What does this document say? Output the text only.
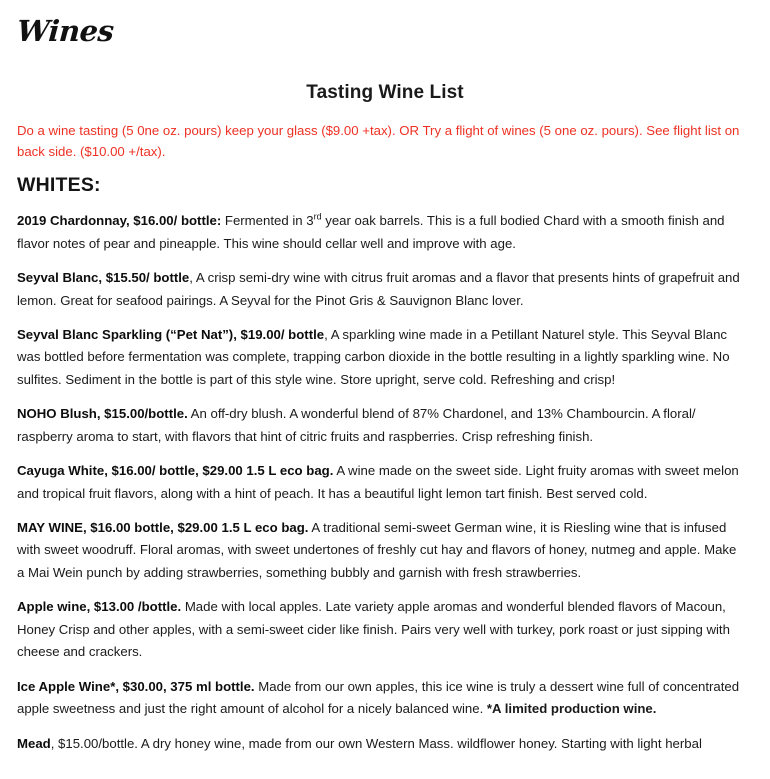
Wines
Tasting Wine List

Do a wine tasting (5 0ne oz. pours) keep your glass ($9.00 +tax). OR Try a flight of wines (5 one oz. pours). See flight list on back side. ($10.00 +/tax).

WHITES:

2019 Chardonnay, $16.00/ bottle: Fermented in 3rd year oak barrels. This is a full bodied Chard with a smooth finish and flavor notes of pear and pineapple. This wine should cellar well and improve with age.

Seyval Blanc, $15.50/ bottle, A crisp semi-dry wine with citrus fruit aromas and a flavor that presents hints of grapefruit and lemon. Great for seafood pairings. A Seyval for the Pinot Gris & Sauvignon Blanc lover.

Seyval Blanc Sparkling (“Pet Nat”), $19.00/ bottle, A sparkling wine made in a Petillant Naturel style. This Seyval Blanc was bottled before fermentation was complete, trapping carbon dioxide in the bottle resulting in a lightly sparkling wine. No sulfites. Sediment in the bottle is part of this style wine. Store upright, serve cold. Refreshing and crisp!

NOHO Blush, $15.00/bottle. An off-dry blush. A wonderful blend of 87% Chardonel, and 13% Chambourcin. A floral/ raspberry aroma to start, with flavors that hint of citric fruits and raspberries. Crisp refreshing finish.

Cayuga White, $16.00/ bottle, $29.00 1.5 L eco bag. A wine made on the sweet side. Light fruity aromas with sweet melon and tropical fruit flavors, along with a hint of peach. It has a beautiful light lemon tart finish. Best served cold.

MAY WINE, $16.00 bottle, $29.00 1.5 L eco bag. A traditional semi-sweet German wine, it is Riesling wine that is infused with sweet woodruff. Floral aromas, with sweet undertones of freshly cut hay and flavors of honey, nutmeg and apple. Make a Mai Wein punch by adding strawberries, something bubbly and garnish with fresh strawberries.

Apple wine, $13.00 /bottle. Made with local apples. Late variety apple aromas and wonderful blended flavors of Macoun, Honey Crisp and other apples, with a semi-sweet cider like finish. Pairs very well with turkey, pork roast or just sipping with cheese and crackers.

Ice Apple Wine*, $30.00, 375 ml bottle. Made from our own apples, this ice wine is truly a dessert wine full of concentrated apple sweetness and just the right amount of alcohol for a nicely balanced wine. *A limited production wine.

Mead, $15.00/bottle. A dry honey wine, made from our own Western Mass. wildflower honey. Starting with light herbal
